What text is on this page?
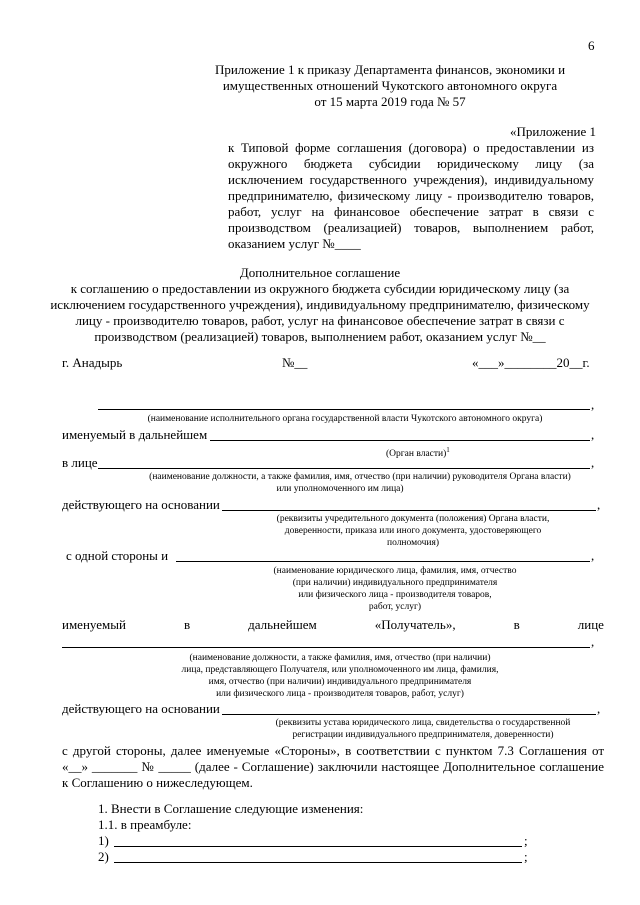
6
Приложение 1 к приказу Департамента финансов, экономики и
имущественных отношений Чукотского автономного округа
от 15 марта 2019 года № 57
«Приложение 1
к Типовой форме соглашения (договора) о предоставлении из
окружного бюджета субсидии юридическому лицу (за
исключением государственного учреждения), индивидуальному
предпринимателю, физическому лицу - производителю товаров,
работ, услуг на финансовое обеспечение затрат в связи с
производством (реализацией) товаров, выполнением работ,
оказанием услуг №____
Дополнительное соглашение
к соглашению о предоставлении из окружного бюджета субсидии юридическому лицу (за
исключением государственного учреждения), индивидуальному предпринимателю, физическому
лицу - производителю товаров, работ, услуг на финансовое обеспечение затрат в связи с
производством (реализацией) товаров, выполнением работ, оказанием услуг №__
г. Анадырь	№__	«___»________20__г.
,
(наименование исполнительного органа государственной власти Чукотского автономного округа)
именуемый в дальнейшем	,
(Орган власти)$^1$
в лице	,
(наименование должности, а также фамилия, имя, отчество (при наличии) руководителя Органа власти)
или уполномоченного им лица)
действующего на основании	,
(реквизиты учредительного документа (положения) Органа власти,
доверенности, приказа или иного документа, удостоверяющего
полномочия)
с одной стороны и	,
(наименование юридического лица, фамилия, имя, отчество
(при наличии) индивидуального предпринимателя
или физического лица - производителя товаров,
работ, услуг)
именуемый	в	дальнейшем	«Получатель»,	в	лице
,
(наименование должности, а также фамилия, имя, отчество (при наличии)
лица, представляющего Получателя, или уполномоченного им лица, фамилия,
имя, отчество (при наличии) индивидуального предпринимателя
или физического лица - производителя товаров, работ, услуг)
действующего на основании	,
(реквизиты устава юридического лица, свидетельства о государственной
регистрации индивидуального предпринимателя, доверенности)
с другой стороны, далее именуемые «Стороны», в соответствии с пунктом 7.3 Соглашения от
«__» _______ № _____ (далее - Соглашение) заключили настоящее Дополнительное соглашение
к Соглашению о нижеследующем.
1. Внести в Соглашение следующие изменения:
1.1. в преамбуле:
1)	;
2)	;
